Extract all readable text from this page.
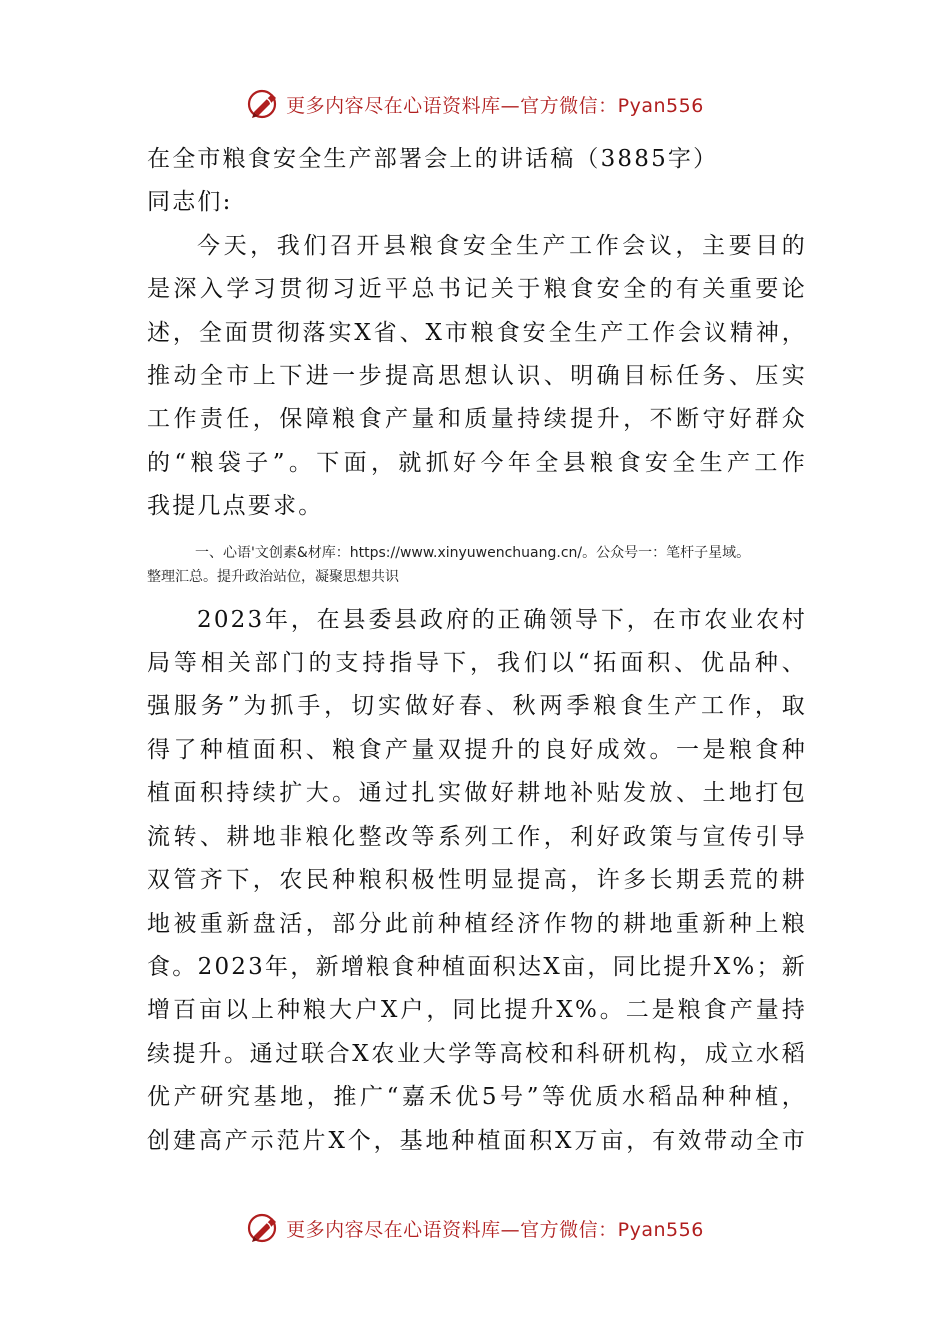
更多内容尽在心语资料库—官方微信：Pyan556

在全市粮食安全生产部署会上的讲话稿（3885字）

同志们:

今天，我们召开县粮食安全生产工作会议，主要目的

是深入学习贯彻习近平总书记关于粮食安全的有关重要论

述，全面贯彻落实X省、X市粮食安全生产工作会议精神，

推动全市上下进一步提高思想认识、明确目标任务、压实

工作责任，保障粮食产量和质量持续提升，不断守好群众

的“粮袋子”。下面，就抓好今年全县粮食安全生产工作

我提几点要求。

一、心语'文创素&材库：https://www.xinyuwenchuang.cn/。公众号一：笔杆子星域。

整理汇总。提升政治站位，凝聚思想共识

2023年，在县委县政府的正确领导下，在市农业农村

局等相关部门的支持指导下，我们以“拓面积、优品种、

强服务”为抓手，切实做好春、秋两季粮食生产工作，取

得了种植面积、粮食产量双提升的良好成效。一是粮食种

植面积持续扩大。通过扎实做好耕地补贴发放、土地打包

流转、耕地非粮化整改等系列工作，利好政策与宣传引导

双管齐下，农民种粮积极性明显提高，许多长期丢荒的耕

地被重新盘活，部分此前种植经济作物的耕地重新种上粮

食。2023年，新增粮食种植面积达X亩，同比提升X%；新

增百亩以上种粮大户X户，同比提升X%。二是粮食产量持

续提升。通过联合X农业大学等高校和科研机构，成立水稻

优产研究基地，推广“嘉禾优5号”等优质水稻品种种植，

创建高产示范片X个，基地种植面积X万亩，有效带动全市

更多内容尽在心语资料库—官方微信：Pyan556
